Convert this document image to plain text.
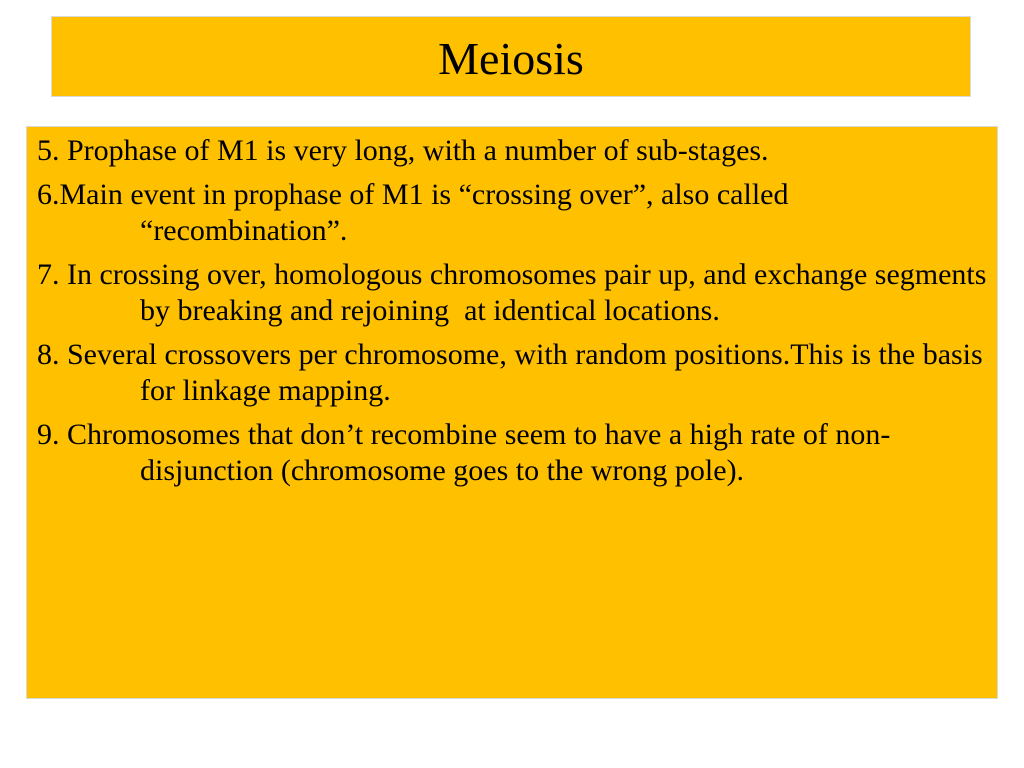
Meiosis
5. Prophase of M1 is very long, with a number of sub-stages.
6.Main event in prophase of M1 is “crossing over”, also called “recombination”.
7. In crossing over, homologous chromosomes pair up, and exchange segments by breaking and rejoining  at identical locations.
8. Several crossovers per chromosome, with random positions.This is the basis for linkage mapping.
9. Chromosomes that don’t recombine seem to have a high rate of non-disjunction (chromosome goes to the wrong pole).
